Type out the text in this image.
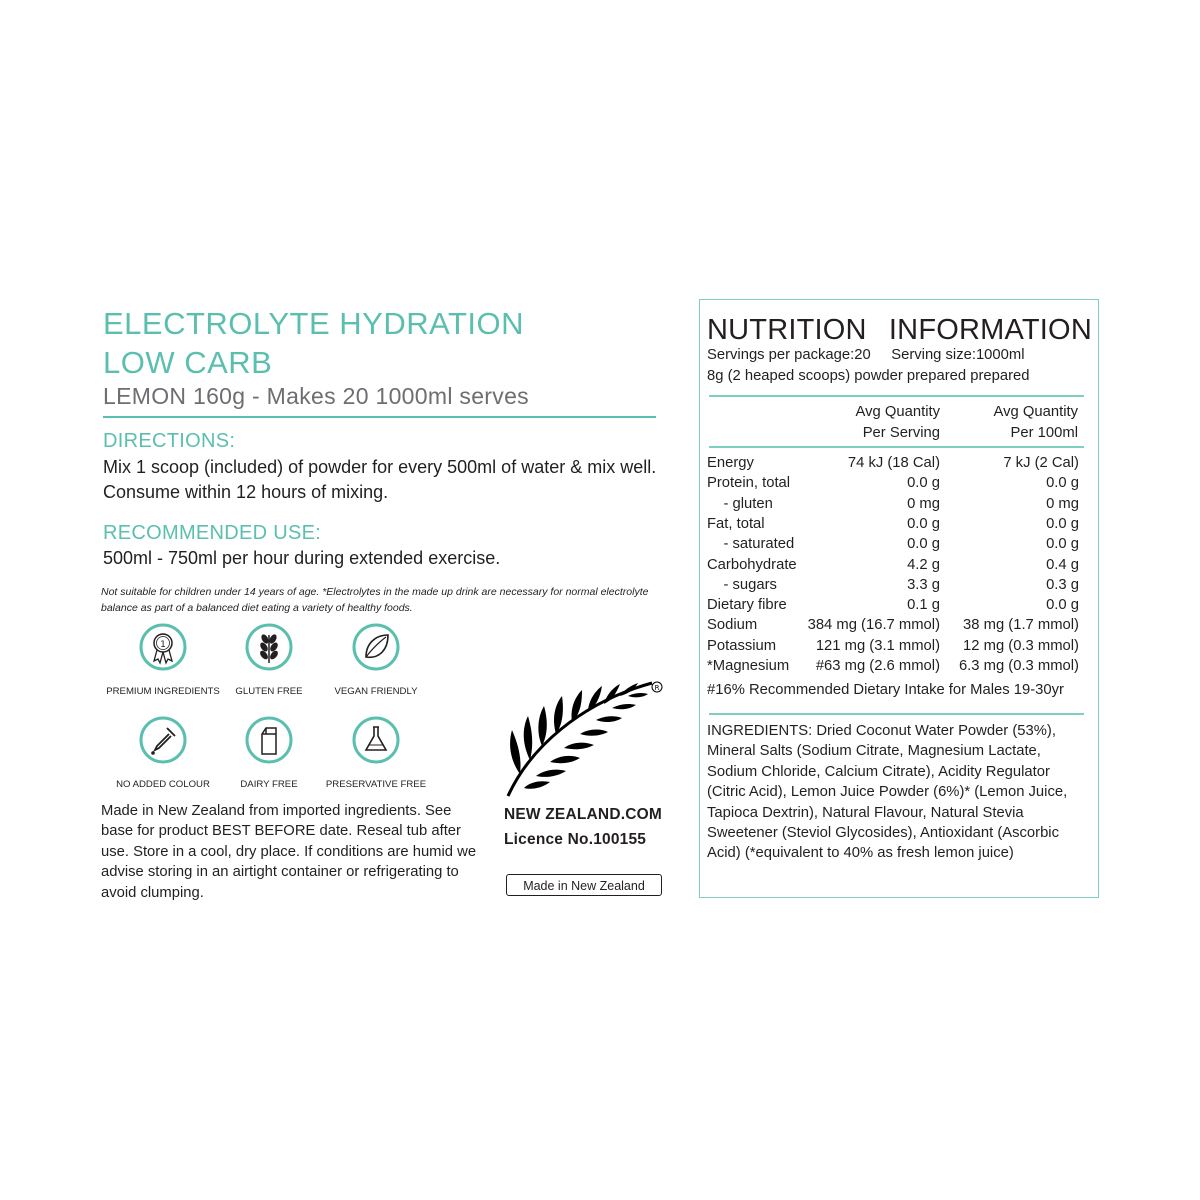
ELECTROLYTE HYDRATION
LOW CARB
LEMON 160g - Makes 20 1000ml serves
DIRECTIONS:
Mix 1 scoop (included) of powder for every 500ml of water & mix well. Consume within 12 hours of mixing.
RECOMMENDED USE:
500ml - 750ml per hour during extended exercise.
Not suitable for children under 14 years of age. *Electrolytes in the made up drink are necessary for normal electrolyte balance as part of a balanced diet eating a variety of healthy foods.
1
PREMIUM INGREDIENTS	GLUTEN FREE	VEGAN FRIENDLY
NO ADDED COLOUR	DAIRY FREE	PRESERVATIVE FREE
Made in New Zealand from imported ingredients. See base for product BEST BEFORE date. Reseal tub after use. Store in a cool, dry place. If conditions are humid we advise storing in an airtight container or refrigerating to avoid clumping.
R
NEW ZEALAND.COM
Licence No.100155
Made in New Zealand
NUTRITION INFORMATION
Servings per package:20     Serving size:1000ml
8g (2 heaped scoops) powder prepared prepared
Avg Quantity
Per Serving
Avg Quantity
Per 100ml
Energy	74 kJ (18 Cal)	7 kJ (2 Cal)
Protein, total	0.0 g	0.0 g
- gluten	0 mg	0 mg
Fat, total	0.0 g	0.0 g
- saturated	0.0 g	0.0 g
Carbohydrate	4.2 g	0.4 g
- sugars	3.3 g	0.3 g
Dietary fibre	0.1 g	0.0 g
Sodium	384 mg (16.7 mmol) 38 mg (1.7 mmol)
Potassium	121 mg (3.1 mmol) 12 mg (0.3 mmol)
*Magnesium #63 mg (2.6 mmol) 6.3 mg (0.3 mmol)
#16% Recommended Dietary Intake for Males 19-30yr
INGREDIENTS: Dried Coconut Water Powder (53%), Mineral Salts (Sodium Citrate, Magnesium Lactate, Sodium Chloride, Calcium Citrate), Acidity Regulator (Citric Acid), Lemon Juice Powder (6%)* (Lemon Juice, Tapioca Dextrin), Natural Flavour, Natural Stevia Sweetener (Steviol Glycosides), Antioxidant (Ascorbic Acid) (*equivalent to 40% as fresh lemon juice)
